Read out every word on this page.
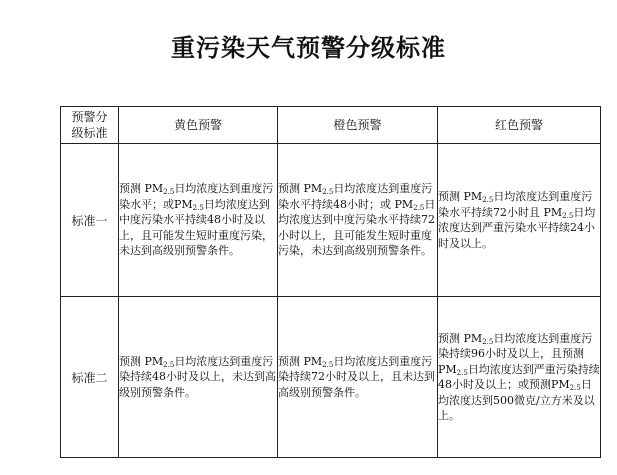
重污染天气预警分级标准
预警分级标准	黄色预警	橙色预警	红色预警
标准一	预测 $PM_{2.5}$日均浓度达到重度污染水平；或$PM_{2.5}$日均浓度达到中度污染水平持续48小时及以上，且可能发生短时重度污染，未达到高级别预警条件。	预测 $PM_{2.5}$日均浓度达到重度污染水平持续48小时；或 $PM_{2.5}$日均浓度达到中度污染水平持续72小时以上，且可能发生短时重度污染，未达到高级别预警条件。	预测 $PM_{2.5}$日均浓度达到重度污染水平持续72小时且 $PM_{2.5}$日均浓度达到严重污染水平持续24小时及以上。
标准二	预测 $PM_{2.5}$日均浓度达到重度污染持续48小时及以上，未达到高级别预警条件。	预测 $PM_{2.5}$日均浓度达到重度污染持续72小时及以上，且未达到高级别预警条件。	预测 $PM_{2.5}$日均浓度达到重度污染持续96小时及以上，且预测 $PM_{2.5}$日均浓度达到严重污染持续48小时及以上；或预测$PM_{2.5}$日均浓度达到500微克/立方米及以上。
